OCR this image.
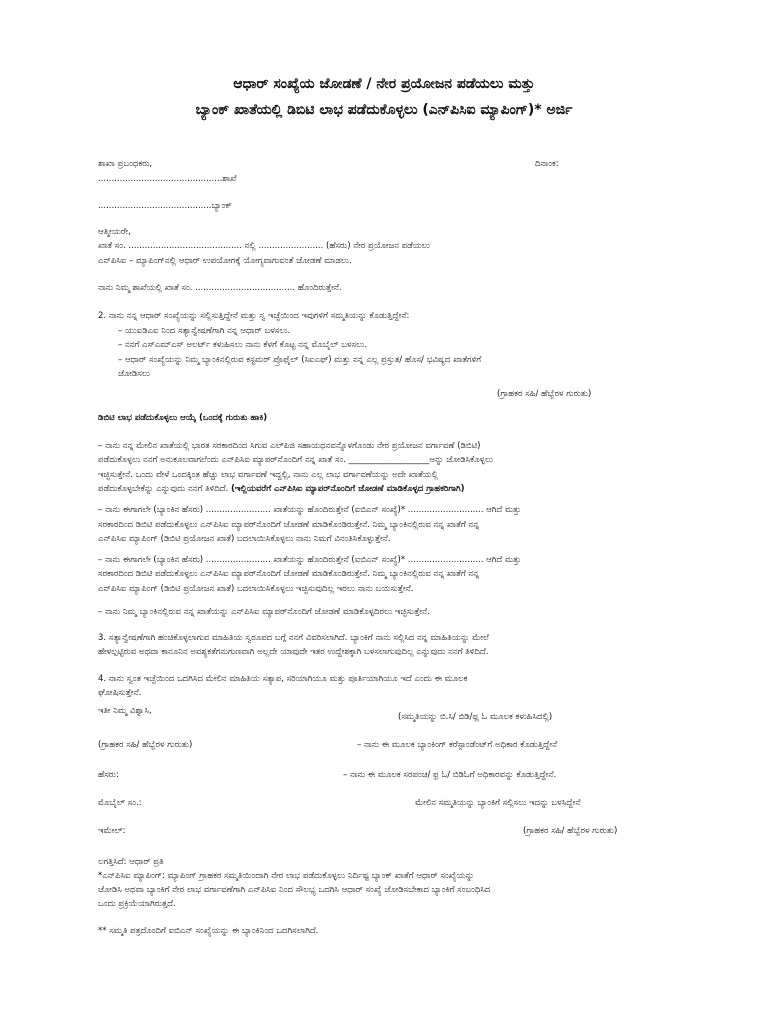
ಆಧಾರ್ ಸಂಖ್ಯೆಯ ಜೋಡಣೆ / ನೇರ ಪ್ರಯೋಜನ ಪಡೆಯಲು ಮತ್ತು
ಬ್ಯಾಂಕ್ ಖಾತೆಯಲ್ಲಿ ಡಿಬಿಟಿ ಲಾಭ ಪಡೆದುಕೊಳ್ಳಲು (ಎನ್‌ಪಿಸಿಐ ಮ್ಯಾಪಿಂಗ್)* ಅರ್ಜಿ
ಶಾಖಾ ಪ್ರಬಂಧಕರು,	ದಿನಾಂಕ:
..............................................ಶಾಖೆ
..........................................ಬ್ಯಾಂಕ್
ಆತ್ಮೀಯರೇ,
ಖಾತೆ ಸಂ. .......................................... ನಲ್ಲಿ ........................ (ಹೆಸರು) ನೇರ ಪ್ರಯೋಜನ ಪಡೆಯಲು
ಎನ್‌ಪಿಸಿಐ – ಮ್ಯಾಪಿಂಗ್‌ನಲ್ಲಿ ಆಧಾರ್ ಉಪಯೋಗಕ್ಕೆ ಯೋಗ್ಯವಾಗುವಂತೆ ಜೋಡಣೆ ಮಾಡಲು.
ನಾನು ನಿಮ್ಮ ಶಾಖೆಯಲ್ಲಿ ಖಾತೆ ಸಂ. ..................................... ಹೊಂದಿರುತ್ತೇನೆ.
2. ನಾನು ನನ್ನ ಆಧಾರ್ ಸಂಖ್ಯೆಯನ್ನು ಸಲ್ಲಿಸುತ್ತಿದ್ದೇನೆ ಮತ್ತು ಸ್ವ ಇಚ್ಛೆಯಿಂದ ಇವುಗಳಿಗೆ ಸಮ್ಮತಿಯನ್ನು ಕೊಡುತ್ತಿದ್ದೇನೆ:
– ಯುಐಡಿಎಐ ನಿಂದ ಸತ್ಯಾನ್ವೇಷಣೆಗಾಗಿ ನನ್ನ ಆಧಾರ್ ಬಳಸಲು.
– ನನಗೆ ಎಸ್‌ಎಮ್‌ಎಸ್ ಅಲರ್ಟ್ ಕಳುಹಿಸಲು ನಾನು ಕೆಳಗೆ ಕೊಟ್ಟ ನನ್ನ ಮೊಬೈಲ್ ಬಳಸಲು.
– ಆಧಾರ್ ಸಂಖ್ಯೆಯನ್ನು ನಿಮ್ಮ ಬ್ಯಾಂಕಿನಲ್ಲಿರುವ ಕಸ್ಟಮರ್ ಪ್ರೊಫೈಲ್ (ಸಿಐಎಫ್) ಮತ್ತು ನನ್ನ ಎಲ್ಲ ಪ್ರಸ್ತುತ/ ಹೊಸ/ ಭವಿಷ್ಯದ ಖಾತೆಗಳಿಗೆ
ಜೋಡಿಸಲು
(ಗ್ರಾಹಕರ ಸಹಿ/ ಹೆಬ್ಬೆರಳ ಗುರುತು)
ಡಿಬಿಟಿ ಲಾಭ ಪಡೆದುಕೊಳ್ಳಲು ಆಯ್ಕೆ (ಒಂದಕ್ಕೆ ಗುರುತು ಹಾಕಿ)
– ನಾನು ನನ್ನ ಮೇಲಿನ ಖಾತೆಯಲ್ಲಿ ಭಾರತ ಸರಕಾರದಿಂದ ಸಿಗುವ ಎಲ್‌ಪಿಜಿ ಸಹಾಯಧನವನ್ನೊಳಗೊಂಡು ನೇರ ಪ್ರಯೋಜನ ವರ್ಗಾವಣೆ (ಡಿಬಿಟಿ)
ಪಡೆದುಕೊಳ್ಳಲು ನನಗೆ ಅನುಕೂಲವಾಗಲೆಂದು ಎನ್‌ಪಿಸಿಐ ಮ್ಯಾಪರ್‌ನೊಂದಿಗೆ ನನ್ನ ಖಾತೆ ಸಂ. ___________________ಅನ್ನು ಜೋಡಿಸಿಕೊಳ್ಳಲು
ಇಚ್ಛಿಸುತ್ತೇನೆ. ಒಂದು ವೇಳೆ ಒಂದಕ್ಕಿಂತ ಹೆಚ್ಚು ಲಾಭ ವರ್ಗಾವಣೆ ಇದ್ದಲ್ಲಿ, ನಾನು ಎಲ್ಲ ಲಾಭ ವರ್ಗಾವಣೆಯನ್ನು ಅದೇ ಖಾತೆಯಲ್ಲಿ
ಪಡೆದುಕೊಳ್ಳಬೇಕೆನ್ನು ಎನ್ನುವುದು ನನಗೆ ತಿಳಿದಿದೆ. (ಇಲ್ಲಿಯವರೆಗೆ ಎನ್‌ಪಿಸಿಐ ಮ್ಯಾಪರ್‌ನೊಂದಿಗೆ ಜೋಡಣೆ ಮಾಡಿಕೊಳ್ಳದ ಗ್ರಾಹಕರಿಗಾಗಿ)
– ನಾನು ಈಗಾಗಲೇ (ಬ್ಯಾಂಕಿನ ಹೆಸರು) ........................ ಖಾತೆಯನ್ನು ಹೊಂದಿರುತ್ತೇನೆ (ಐಬಿಎನ್ ಸಂಖ್ಯೆ)* ............................ ಆಗಿದೆ ಮತ್ತು
ಸರಕಾರದಿಂದ ಡಿಬಿಟಿ ಪಡೆದುಕೊಳ್ಳಲು ಎನ್‌ಪಿಸಿಐ ಮ್ಯಾಪರ್‌ನೊಂದಿಗೆ ಜೋಡಣೆ ಮಾಡಿಕೊಂಡಿರುತ್ತೇನೆ. ನಿಮ್ಮ ಬ್ಯಾಂಕಿನಲ್ಲಿರುವ ನನ್ನ ಖಾತೆಗೆ ನನ್ನ
ಎನ್‌ಪಿಸಿಐ ಮ್ಯಾಪಿಂಗ್ (ಡಿಬಿಟಿ ಪ್ರಯೋಜನ ಖಾತೆ) ಬದಲಾಯಿಸಿಕೊಳ್ಳಲು ನಾನು ನಿಮಗೆ ವಿನಂತಿಸಿಕೊಳ್ಳುತ್ತೇನೆ.
– ನಾನು ಈಗಾಗಲೇ (ಬ್ಯಾಂಕಿನ ಹೆಸರು) ........................ ಖಾತೆಯನ್ನು ಹೊಂದಿರುತ್ತೇನೆ (ಐಬಿಎನ್ ಸಂಖ್ಯೆ)* ............................ ಆಗಿದೆ ಮತ್ತು
ಸರಕಾರದಿಂದ ಡಿಬಿಟಿ ಪಡೆದುಕೊಳ್ಳಲು ಎನ್‌ಪಿಸಿಐ ಮ್ಯಾಪರ್‌ನೊಂದಿಗೆ ಜೋಡಣೆ ಮಾಡಿಕೊಂಡಿರುತ್ತೇನೆ. ನಿಮ್ಮ ಬ್ಯಾಂಕಿನಲ್ಲಿರುವ ನನ್ನ ಖಾತೆಗೆ ನನ್ನ
ಎನ್‌ಪಿಸಿಐ ಮ್ಯಾಪಿಂಗ್ (ಡಿಬಿಟಿ ಪ್ರಯೋಜನ ಖಾತೆ) ಬದಲಾಯಿಸಿಕೊಳ್ಳಲು ಇಚ್ಛಿಸುವುದಿಲ್ಲ ಇರಲು ನಾನು ಬಯಸುತ್ತೇನೆ.
– ನಾನು ನಿಮ್ಮ ಬ್ಯಾಂಕಿನಲ್ಲಿರುವ ನನ್ನ ಖಾತೆಯನ್ನು ಎನ್‌ಪಿಸಿಐ ಮ್ಯಾಪರ್‌ನೊಂದಿಗೆ ಜೋಡಣೆ ಮಾಡಿಕೊಳ್ಳದಿರಲು ಇಚ್ಛಿಸುತ್ತೇನೆ.
3. ಸತ್ಯಾನ್ವೇಷಣೆಗಾಗಿ ಹಂಚಿಕೊಳ್ಳಲಾಗುವ ಮಾಹಿತಿಯ ಸ್ವರೂಪದ ಬಗ್ಗೆ ನನಗೆ ವಿವರಿಸಲಾಗಿದೆ. ಬ್ಯಾಂಕಿಗೆ ನಾನು ಸಲ್ಲಿಸಿದ ನನ್ನ ಮಾಹಿತಿಯನ್ನು ಮೇಲೆ
ಹೇಳಲ್ಪಟ್ಟಿರುವ ಅಥವಾ ಕಾನೂನಿನ ಅವಶ್ಯಕತೆಗನುಗುಣವಾಗಿ ಅಲ್ಲದೇ ಯಾವುದೇ ಇತರ ಉದ್ದೇಶಕ್ಕಾಗಿ ಬಳಸಲಾಗುವುದಿಲ್ಲ ಎನ್ನುವುದು ನನಗೆ ತಿಳಿದಿದೆ.
4. ನಾನು ಸ್ವಂತ ಇಚ್ಛೆಯಿಂದ ಒದಗಿಸಿದ ಮೇಲಿನ ಮಾಹಿತಿಯ ಸತ್ಯಾಪ, ಸರಿಯಾಗಿಯೂ ಮತ್ತು ಪೂರ್ತಿಯಾಗಿಯೂ ಇದೆ ಎಂದು ಈ ಮೂಲಕ
ಘೋಷಿಸುತ್ತೇನೆ.
ಇತೀ ನಿಮ್ಮ ವಿಶ್ವಾಸಿ,
(ಸಮ್ಮತಿಯನ್ನು ಬಿ.ಸಿ/ ಬಿಡಿ/ಫ್ಲ ಓ ಮೂಲಕ ಕಳುಹಿಸಿದಲ್ಲಿ)
(ಗ್ರಾಹಕರ ಸಹಿ/ ಹೆಬ್ಬೆರಳ ಗುರುತು)	– ನಾನು ಈ ಮೂಲಕ ಬ್ಯಾಂಕಿಂಗ್ ಕರೆಸ್ಪಾಂಡೆಂಟ್‌ಗೆ ಅಧಿಕಾರ ಕೊಡುತ್ತಿದ್ದೇನೆ
ಹೆಸರು:	– ನಾನು ಈ ಮೂಲಕ ಸರಪಂಚ/ ಫ್ರ ಓ/ ಬಿಡಿಓಗೆ ಅಧಿಕಾರವನ್ನು ಕೊಡುತ್ತಿದ್ದೇನೆ.
ಮೊಬೈಲ್ ಸಂ.:	ಮೇಲಿನ ಸಮ್ಮತಿಯನ್ನು ಬ್ಯಾಂಕಿಗೆ ಸಲ್ಲಿಸಲು ಇದನ್ನು ಬಳಸಿದ್ದೇನೆ
ಇಮೇಲ್:	(ಗ್ರಾಹಕರ ಸಹಿ/ ಹೆಬ್ಬೆರಳ ಗುರುತು)
ಲಗತ್ತಿಸಿದೆ: ಆಧಾರ್ ಪ್ರತಿ
*ಎನ್‌ಪಿಸಿಐ ಮ್ಯಾಪಿಂಗ್: ಮ್ಯಾಪಿಂಗ್ ಗ್ರಾಹಕರ ಸಮ್ಮತಿಯಿಂದಾಗಿ ನೇರ ಲಾಭ ಪಡೆದುಕೊಳ್ಳಲು ನಿರ್ದಿಷ್ಟ ಬ್ಯಾಂಕ್ ಖಾತೆಗೆ ಆಧಾರ್ ಸಂಖ್ಯೆಯನ್ನು
ಜೋಡಿಸಿ ಅಥವಾ ಬ್ಯಾಂಕಿಗೆ ನೇರ ಲಾಭ ವರ್ಗಾವಣೆಗಾಗಿ ಎನ್‌ಪಿಸಿಐ ನಿಂದ ಸೌಲಭ್ಯ ಒದಗಿಸಿ ಆಧಾರ್ ಸಂಖ್ಯೆ ಜೋಡಿಸಬೇಕಾದ ಬ್ಯಾಂಕಿಗೆ ಸಂಬಂಧಿಸಿದ
ಒಂದು ಪ್ರಕ್ರಿಯೆಯಾಗಿರುತ್ತದೆ.
** ಸಮ್ಮತಿ ಪತ್ರದೊಂದಿಗೆ ಐಬಿಎನ್ ಸಂಖ್ಯೆಯನ್ನು ಈ ಬ್ಯಾಂಕಿನಿಂದ ಒದಗಿಸಲಾಗಿದೆ.
